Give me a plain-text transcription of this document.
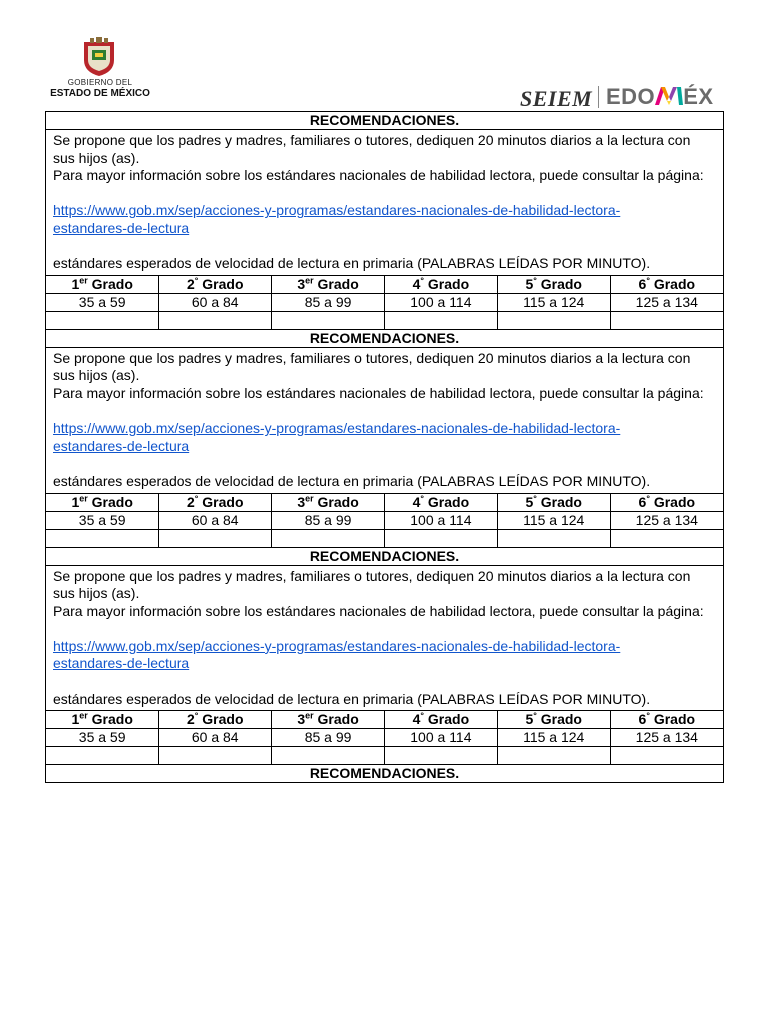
GOBIERNO DEL
ESTADO DE MÉXICO	SEIEM EDO ÉX
RECOMENDACIONES.

Se propone que los padres y madres, familiares o tutores, dediquen 20 minutos diarios a la lectura con sus hijos (as).

Para mayor información sobre los estándares nacionales de habilidad lectora, puede consultar la página:

https://www.gob.mx/sep/acciones-y-programas/estandares-nacionales-de-habilidad-lectora-
estandares-de-lectura

estándares esperados de velocidad de lectura en primaria (PALABRAS LEÍDAS POR MINUTO).

1er Grado	2° Grado	3er Grado	4° Grado	5° Grado	6° Grado
35 a 59	60 a 84	85 a 99	100 a 114	115 a 124	125 a 134

RECOMENDACIONES.

Se propone que los padres y madres, familiares o tutores, dediquen 20 minutos diarios a la lectura con sus hijos (as).

Para mayor información sobre los estándares nacionales de habilidad lectora, puede consultar la página:

https://www.gob.mx/sep/acciones-y-programas/estandares-nacionales-de-habilidad-lectora-
estandares-de-lectura

estándares esperados de velocidad de lectura en primaria (PALABRAS LEÍDAS POR MINUTO).

1er Grado	2° Grado	3er Grado	4° Grado	5° Grado	6° Grado
35 a 59	60 a 84	85 a 99	100 a 114	115 a 124	125 a 134

RECOMENDACIONES.

Se propone que los padres y madres, familiares o tutores, dediquen 20 minutos diarios a la lectura con sus hijos (as).

Para mayor información sobre los estándares nacionales de habilidad lectora, puede consultar la página:

https://www.gob.mx/sep/acciones-y-programas/estandares-nacionales-de-habilidad-lectora-
estandares-de-lectura

estándares esperados de velocidad de lectura en primaria (PALABRAS LEÍDAS POR MINUTO).

1er Grado	2° Grado	3er Grado	4° Grado	5° Grado	6° Grado
35 a 59	60 a 84	85 a 99	100 a 114	115 a 124	125 a 134

RECOMENDACIONES.
